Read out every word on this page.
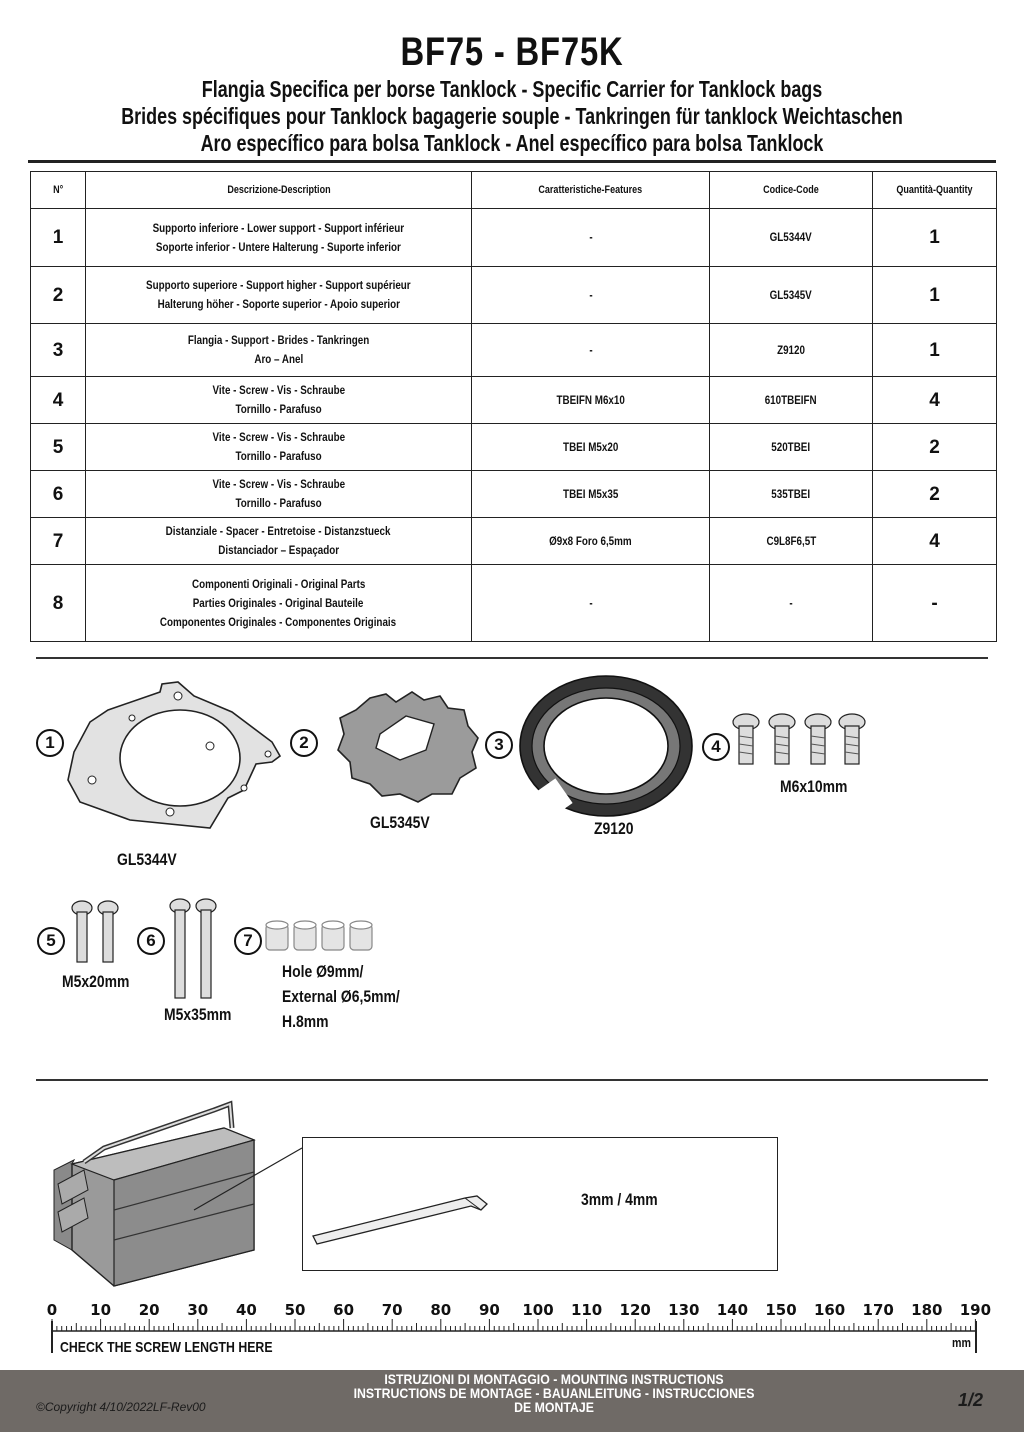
BF75 - BF75K
Flangia Specifica per borse Tanklock - Specific Carrier for Tanklock bags
Brides spécifiques pour Tanklock bagagerie souple - Tankringen für tanklock Weichtaschen
Aro específico para bolsa Tanklock - Anel específico para bolsa Tanklock
N°	Descrizione-Description	Caratteristiche-Features	Codice-Code	Quantità-Quantity
1	Supporto inferiore - Lower support - Support inférieur
Soporte inferior - Untere Halterung - Suporte inferior	-	GL5344V	1
2	Supporto superiore - Support higher - Support supérieur
Halterung höher - Soporte superior - Apoio superior	-	GL5345V	1
3	Flangia - Support - Brides - Tankringen
Aro – Anel	-	Z9120	1
4	Vite - Screw - Vis - Schraube
Tornillo - Parafuso	TBEIFN M6x10	610TBEIFN	4
5	Vite - Screw - Vis - Schraube
Tornillo - Parafuso	TBEI M5x20	520TBEI	2
6	Vite - Screw - Vis - Schraube
Tornillo - Parafuso	TBEI M5x35	535TBEI	2
7	Distanziale - Spacer - Entretoise - Distanzstueck
Distanciador – Espaçador	Ø9x8 Foro 6,5mm	C9L8F6,5T	4
8	Componenti Originali - Original Parts
Parties Originales - Original Bauteile
Componentes Originales - Componentes Originais	-	-	-
1
GL5344V
2
GL5345V
3
Z9120
4
M6x10mm
5
M5x20mm
6
M5x35mm
7
Hole Ø9mm/
External Ø6,5mm/
H.8mm
3mm / 4mm
0 10 20 30 40 50 60 70 80 90 100 110 120 130 140 150 160 170 180 190
CHECK THE SCREW LENGTH HERE	mm
©Copyright 4/10/2022LF-Rev00
ISTRUZIONI DI MONTAGGIO - MOUNTING INSTRUCTIONS
INSTRUCTIONS DE MONTAGE - BAUANLEITUNG - INSTRUCCIONES
DE MONTAJE	1/2
